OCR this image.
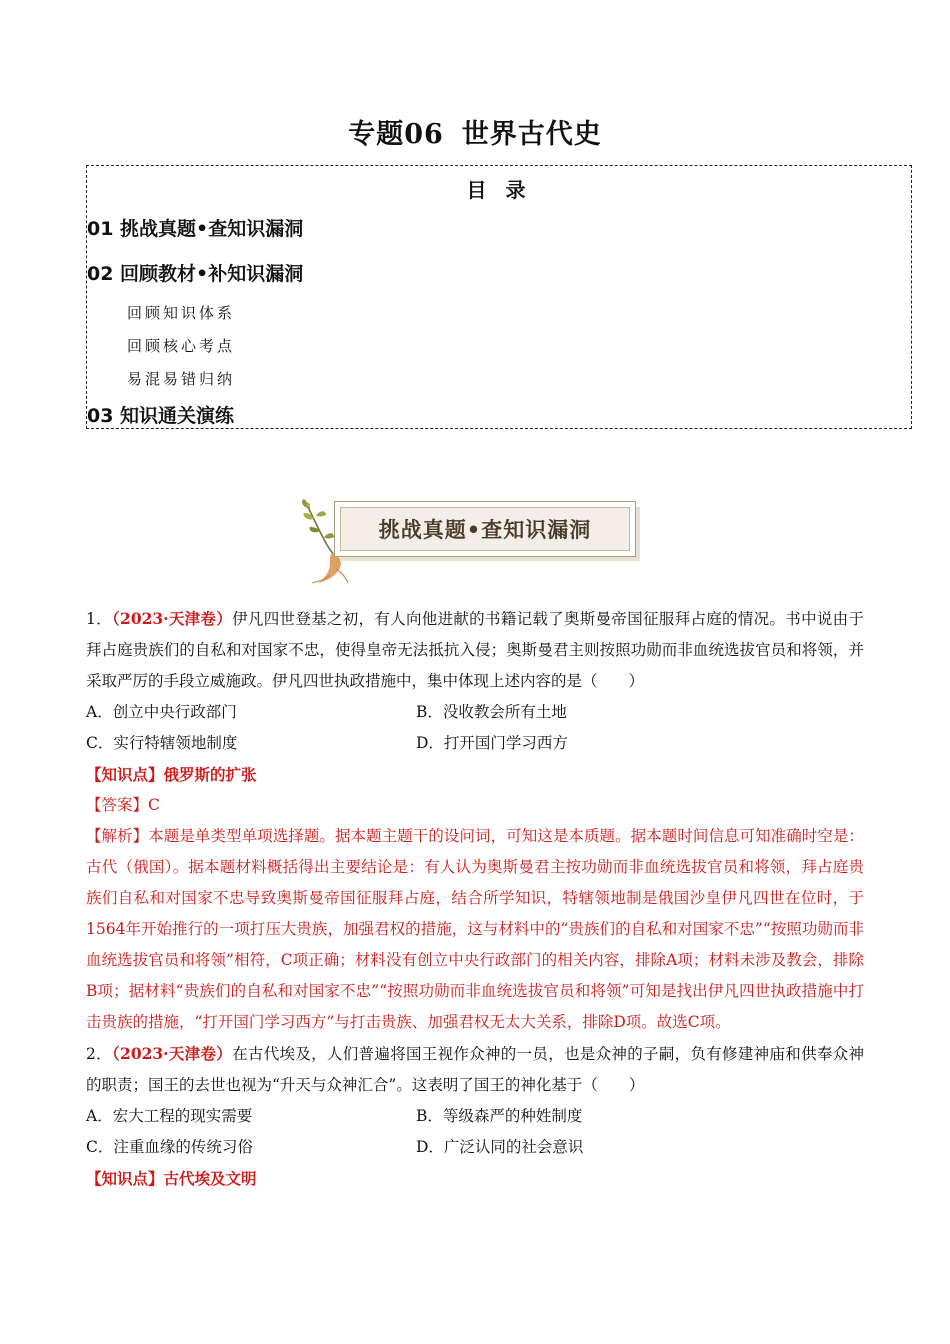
专题06 世界古代史
目 录
01 挑战真题•查知识漏洞
02 回顾教材•补知识漏洞
回顾知识体系
回顾核心考点
易混易错归纳
03 知识通关演练
挑战真题•查知识漏洞
1．（2023·天津卷）伊凡四世登基之初，有人向他进献的书籍记载了奥斯曼帝国征服拜占庭的情况。书中说由于拜占庭贵族们的自私和对国家不忠，使得皇帝无法抵抗入侵；奥斯曼君主则按照功勋而非血统选拔官员和将领，并采取严厉的手段立威施政。伊凡四世执政措施中，集中体现上述内容的是（　　）
A．创立中央行政部门	B．没收教会所有土地
C．实行特辖领地制度	D．打开国门学习西方
【知识点】俄罗斯的扩张
【答案】C
【解析】本题是单类型单项选择题。据本题主题干的设问词，可知这是本质题。据本题时间信息可知准确时空是：古代（俄国）。据本题材料概括得出主要结论是：有人认为奥斯曼君主按功勋而非血统选拔官员和将领，拜占庭贵族们自私和对国家不忠导致奥斯曼帝国征服拜占庭，结合所学知识，特辖领地制是俄国沙皇伊凡四世在位时，于1564年开始推行的一项打压大贵族，加强君权的措施，这与材料中的“贵族们的自私和对国家不忠”“按照功勋而非血统选拔官员和将领”相符，C项正确；材料没有创立中央行政部门的相关内容，排除A项；材料未涉及教会，排除B项；据材料“贵族们的自私和对国家不忠”“按照功勋而非血统选拔官员和将领”可知是找出伊凡四世执政措施中打击贵族的措施，“打开国门学习西方”与打击贵族、加强君权无太大关系，排除D项。故选C项。
2．（2023·天津卷）在古代埃及，人们普遍将国王视作众神的一员，也是众神的子嗣，负有修建神庙和供奉众神的职责；国王的去世也视为“升天与众神汇合”。这表明了国王的神化基于（　　）
A．宏大工程的现实需要	B．等级森严的种姓制度
C．注重血缘的传统习俗	D．广泛认同的社会意识
【知识点】古代埃及文明
